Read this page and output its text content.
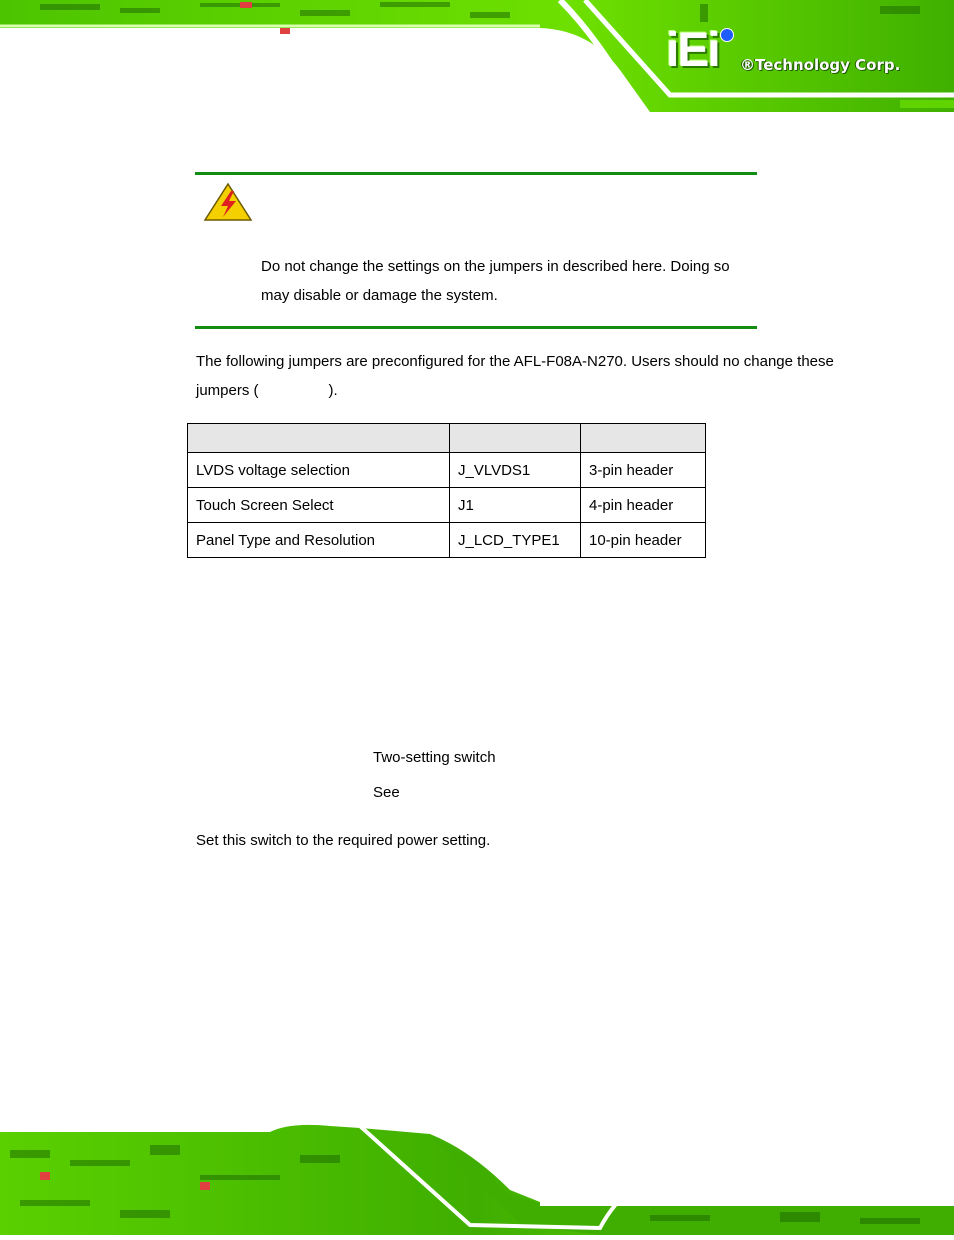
iEi ®Technology Corp.
Do not change the settings on the jumpers in described here. Doing so may disable or damage the system.
The following jumpers are preconfigured for the AFL-F08A-N270. Users should no change these jumpers (	).

LVDS voltage selection	J_VLVDS1	3-pin header
Touch Screen Select	J1	4-pin header
Panel Type and Resolution	J_LCD_TYPE1	10-pin header
Two-setting switch
See
Set this switch to the required power setting.
